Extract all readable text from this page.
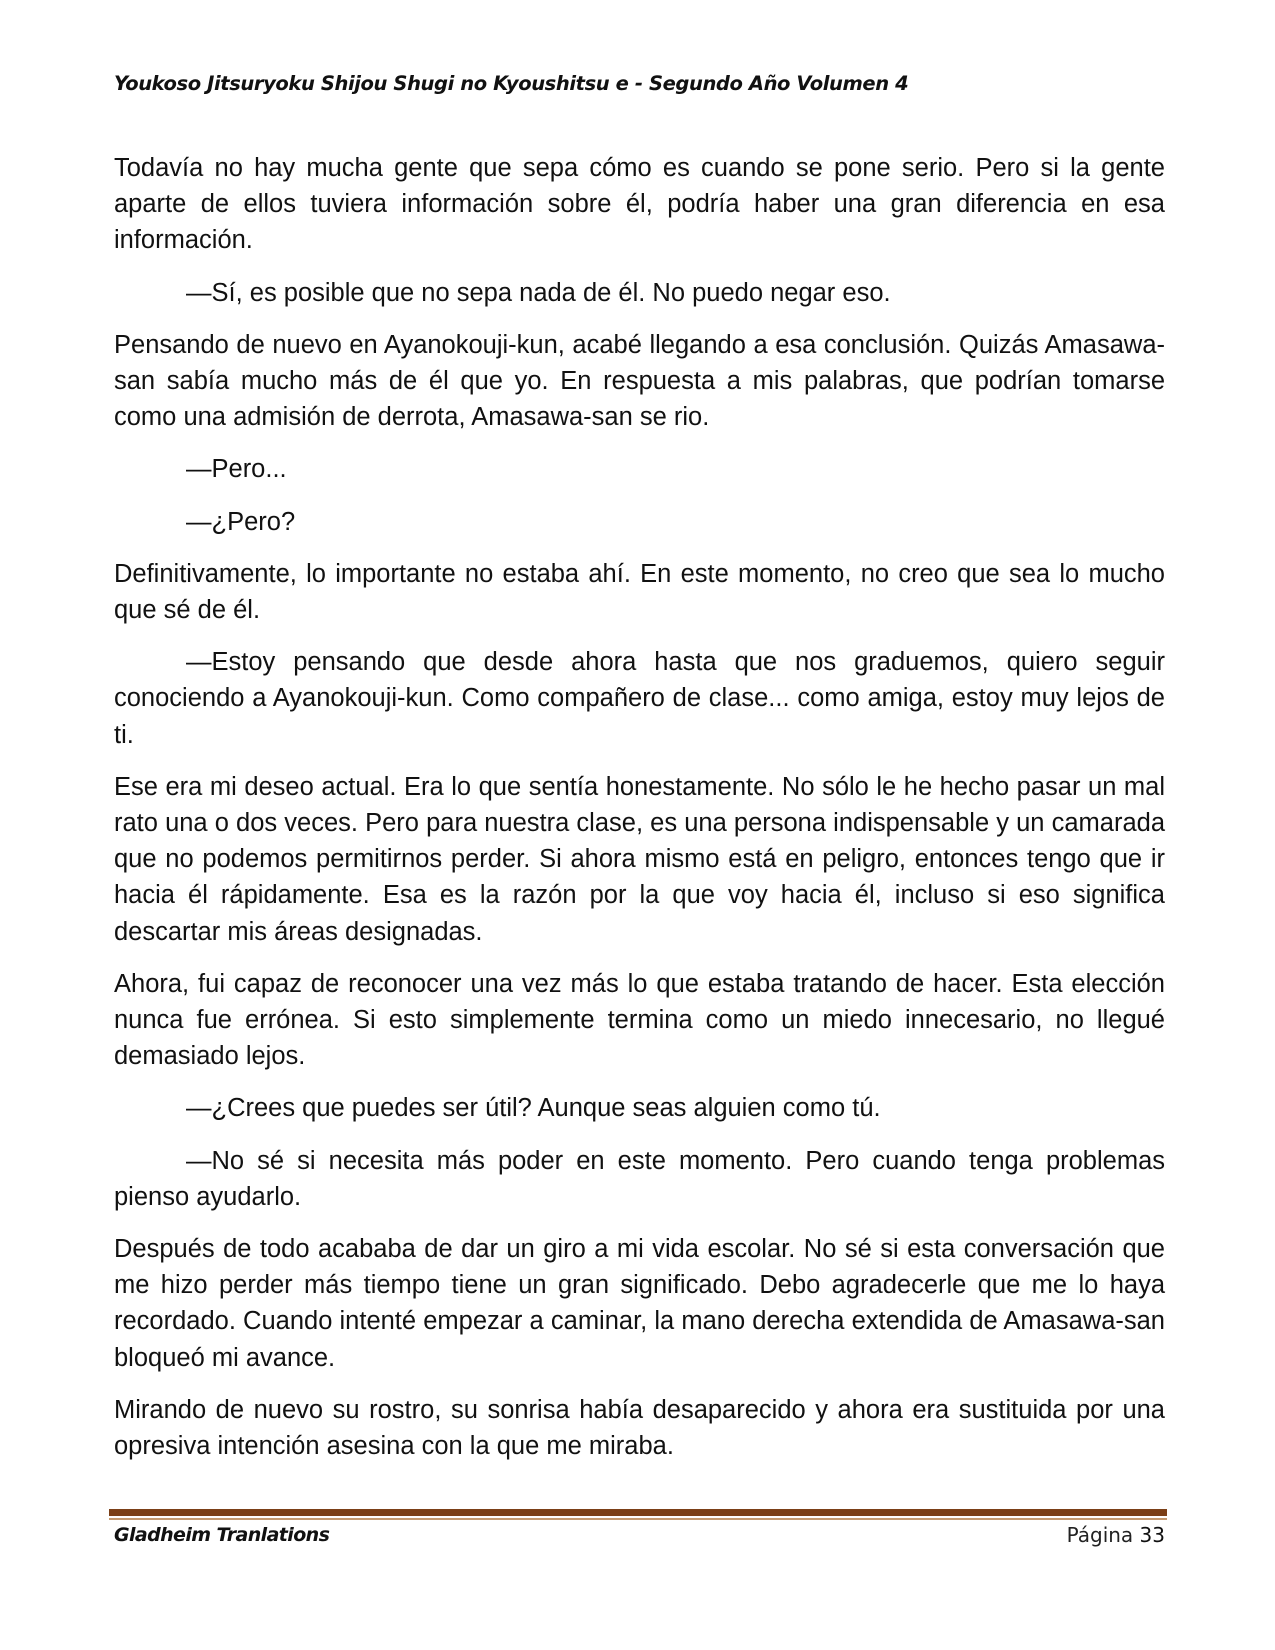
Youkoso Jitsuryoku Shijou Shugi no Kyoushitsu e - Segundo Año Volumen 4

Todavía no hay mucha gente que sepa cómo es cuando se pone serio. Pero si la gente aparte de ellos tuviera información sobre él, podría haber una gran diferencia en esa información.

—Sí, es posible que no sepa nada de él. No puedo negar eso.

Pensando de nuevo en Ayanokouji-kun, acabé llegando a esa conclusión. Quizás Amasawa-san sabía mucho más de él que yo. En respuesta a mis palabras, que podrían tomarse como una admisión de derrota, Amasawa-san se rio.

—Pero...

—¿Pero?

Definitivamente, lo importante no estaba ahí. En este momento, no creo que sea lo mucho que sé de él.

—Estoy pensando que desde ahora hasta que nos graduemos, quiero seguir conociendo a Ayanokouji-kun. Como compañero de clase... como amiga, estoy muy lejos de ti.

Ese era mi deseo actual. Era lo que sentía honestamente. No sólo le he hecho pasar un mal rato una o dos veces. Pero para nuestra clase, es una persona indispensable y un camarada que no podemos permitirnos perder. Si ahora mismo está en peligro, entonces tengo que ir hacia él rápidamente. Esa es la razón por la que voy hacia él, incluso si eso significa descartar mis áreas designadas.

Ahora, fui capaz de reconocer una vez más lo que estaba tratando de hacer. Esta elección nunca fue errónea. Si esto simplemente termina como un miedo innecesario, no llegué demasiado lejos.

—¿Crees que puedes ser útil? Aunque seas alguien como tú.

—No sé si necesita más poder en este momento. Pero cuando tenga problemas pienso ayudarlo.

Después de todo acababa de dar un giro a mi vida escolar. No sé si esta conversación que me hizo perder más tiempo tiene un gran significado. Debo agradecerle que me lo haya recordado. Cuando intenté empezar a caminar, la mano derecha extendida de Amasawa-san bloqueó mi avance.

Mirando de nuevo su rostro, su sonrisa había desaparecido y ahora era sustituida por una opresiva intención asesina con la que me miraba.

Gladheim Tranlations	Página 33
